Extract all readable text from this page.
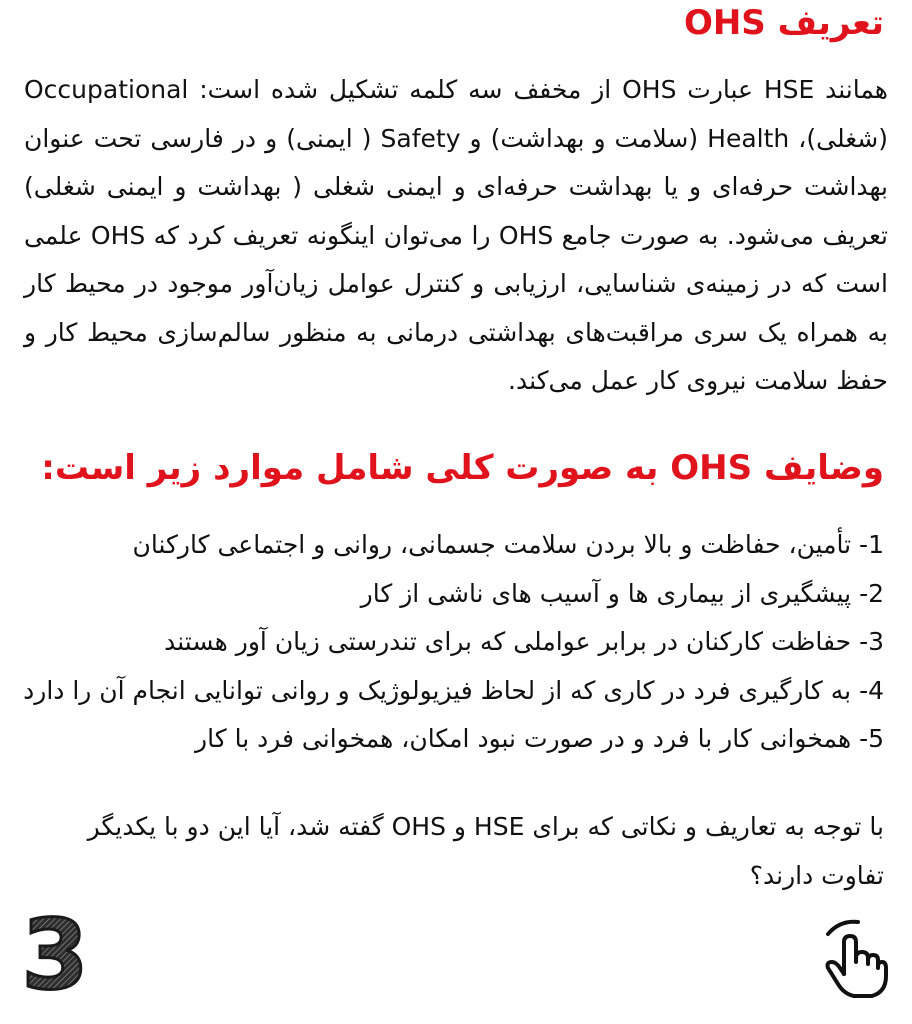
تعریف OHS

همانند HSE عبارت OHS از مخفف سه کلمه تشکیل شده است: Occupational (شغلی)، Health (سلامت و بهداشت) و Safety ( ایمنی) و در فارسی تحت عنوان بهداشت حرفه‌ای و یا بهداشت حرفه‌ای و ایمنی شغلی ( بهداشت و ایمنی شغلی) تعریف می‌شود. به صورت جامع OHS را می‌توان اینگونه تعریف کرد که OHS علمی است که در زمینه‌ی شناسایی، ارزیابی و کنترل عوامل زیان‌آور موجود در محیط کار به همراه یک سری مراقبت‌های بهداشتی درمانی به منظور سالم‌سازی محیط کار و حفظ سلامت نیروی کار عمل می‌کند.

وضایف OHS به صورت کلی شامل موارد زیر است:
1- تأمین، حفاظت و بالا بردن سلامت جسمانی، روانی و اجتماعی کارکنان
2- پیشگیری از بیماری ها و آسیب های ناشی از کار
3- حفاظت کارکنان در برابر عواملی که برای تندرستی زیان آور هستند
4- به کارگیری فرد در کاری که از لحاظ فیزیولوژیک و روانی توانایی انجام آن را دارد
5- همخوانی کار با فرد و در صورت نبود امکان، همخوانی فرد با کار

با توجه به تعاریف و نکاتی که برای HSE و OHS گفته شد، آیا این دو با یکدیگر تفاوت دارند؟

3
